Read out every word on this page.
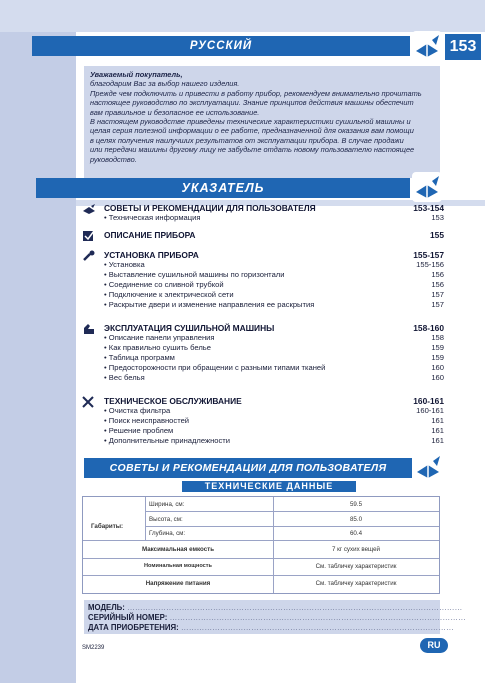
РУССКИЙ	153
Уважаемый покупатель,
благодарим Вас за выбор нашего изделия.
Прежде чем подключить и привести в работу прибор, рекомендуем внимательно прочитать
настоящее руководство по эксплуатации. Знание принципов действия машины обеспечит
вам правильное и безопасное ее использование.
В настоящем руководстве приведены технические характеристики сушильной машины и
целая серия полезной информации о ее работе, предназначенной для оказания вам помощи
в целях получения наилучших результатов от эксплуатации прибора. В случае продажи
или передачи машины другому лицу не забудьте отдать новому пользователю настоящее
руководство.
УКАЗАТЕЛЬ
СОВЕТЫ И РЕКОМЕНДАЦИИ ДЛЯ ПОЛЬЗОВАТЕЛЯ	153-154
• Техническая информация	153
ОПИСАНИЕ ПРИБОРА	155
УСТАНОВКА ПРИБОРА	155-157
• Установка	155-156
• Выставление сушильной машины по горизонтали	156
• Соединение со сливной трубкой	156
• Подключение к электрической сети	157
• Раскрытие двери и изменение направления ее раскрытия	157
ЭКСПЛУАТАЦИЯ СУШИЛЬНОЙ МАШИНЫ	158-160
• Описание панели управления	158
• Как правильно сушить белье	159
• Таблица программ	159
• Предосторожности при обращении с разными типами тканей	160
• Вес белья	160
ТЕХНИЧЕСКОЕ ОБСЛУЖИВАНИЕ	160-161
• Очистка фильтра	160-161
• Поиск неисправностей	161
• Решение проблем	161
• Дополнительные принадлежности	161
СОВЕТЫ И РЕКОМЕНДАЦИИ ДЛЯ ПОЛЬЗОВАТЕЛЯ
ТЕХНИЧЕСКИЕ ДАННЫЕ
Габариты:
Ширина, см:	59.5
Высота, см:	85.0
Глубина, см:	60.4
Максимальная емкость	7 кг сухих вещей
Номинальная мощность	См. табличку характеристик
Напряжение питания	См. табличку характеристик
МОДЕЛЬ: …………………………………………………………………………………………………………………
СЕРИЙНЫЙ НОМЕР: ……………………………………………………………………………………………………
ДАТА ПРИОБРЕТЕНИЯ: ……………………………………………………………………………………………
SM2239	RU
